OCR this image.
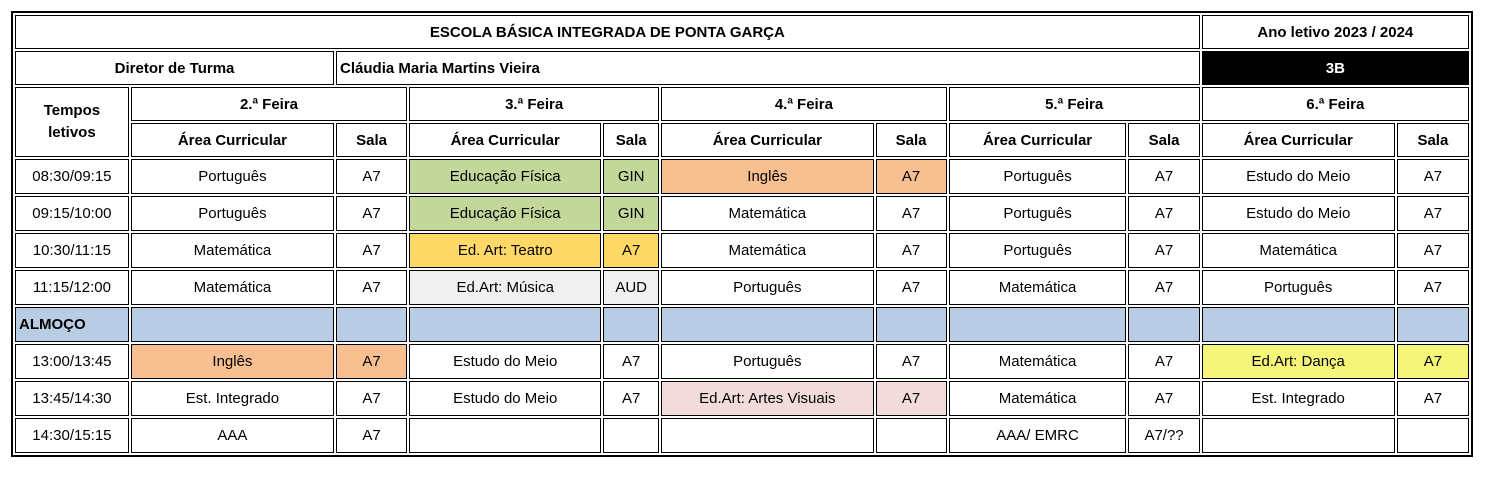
ESCOLA BÁSICA INTEGRADA DE PONTA GARÇA									Ano letivo 2023 / 2024	
Diretor de Turma		Cláudia Maria Martins Vieira							3B	
Tempos letivos	2.ª Feira		3.ª Feira		4.ª Feira		5.ª Feira		6.ª Feira	
	Área Curricular	Sala	Área Curricular	Sala	Área Curricular	Sala	Área Curricular	Sala	Área Curricular	Sala
08:30/09:15	Português	A7	Educação Física	GIN	Inglês	A7	Português	A7	Estudo do Meio	A7
09:15/10:00	Português	A7	Educação Física	GIN	Matemática	A7	Português	A7	Estudo do Meio	A7
10:30/11:15	Matemática	A7	Ed. Art: Teatro	A7	Matemática	A7	Português	A7	Matemática	A7
11:15/12:00	Matemática	A7	Ed.Art: Música	AUD	Português	A7	Matemática	A7	Português	A7
ALMOÇO										
13:00/13:45	Inglês	A7	Estudo do Meio	A7	Português	A7	Matemática	A7	Ed.Art: Dança	A7
13:45/14:30	Est. Integrado	A7	Estudo do Meio	A7	Ed.Art: Artes Visuais	A7	Matemática	A7	Est. Integrado	A7
14:30/15:15	AAA	A7					AAA/ EMRC	A7/??		
